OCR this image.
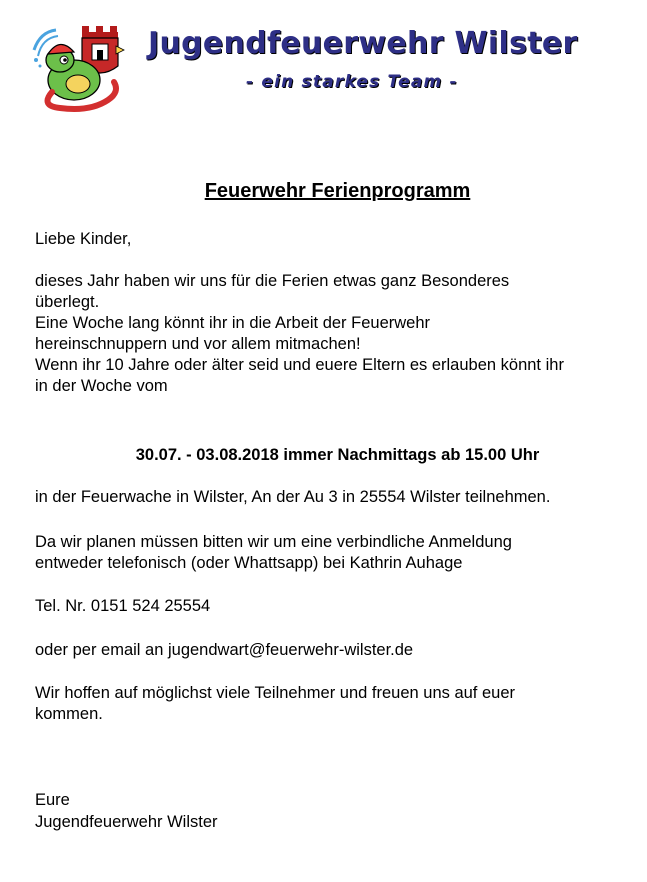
Jugendfeuerwehr Wilster
- ein starkes Team -
Feuerwehr Ferienprogramm
Liebe Kinder,
dieses Jahr haben wir uns für die Ferien etwas ganz Besonderes
überlegt.
Eine Woche lang könnt ihr in die Arbeit der Feuerwehr
hereinschnuppern und vor allem mitmachen!
Wenn ihr 10 Jahre oder älter seid und euere Eltern es erlauben könnt ihr
in der Woche vom
30.07. - 03.08.2018 immer Nachmittags ab 15.00 Uhr
in der Feuerwache in Wilster, An der Au 3 in 25554 Wilster teilnehmen.
Da wir planen müssen bitten wir um eine verbindliche Anmeldung
entweder telefonisch (oder Whattsapp) bei Kathrin Auhage
Tel. Nr. 0151 524 25554
oder per email an jugendwart@feuerwehr-wilster.de
Wir hoffen auf möglichst viele Teilnehmer und freuen uns auf euer
kommen.
Eure
Jugendfeuerwehr Wilster
